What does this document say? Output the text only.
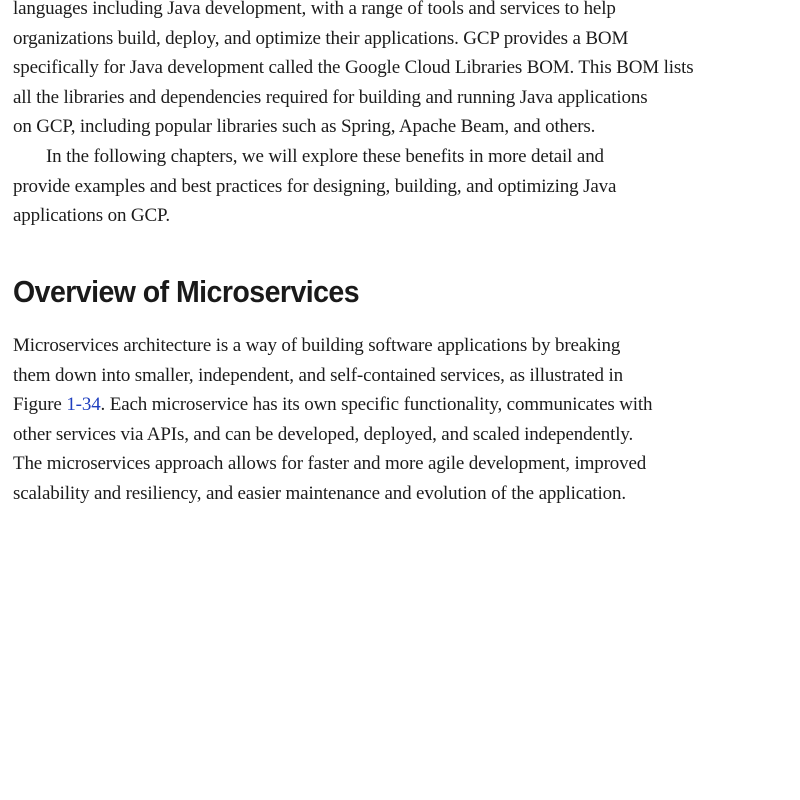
languages including Java development, with a range of tools and services to help
organizations build, deploy, and optimize their applications. GCP provides a BOM
specifically for Java development called the Google Cloud Libraries BOM. This BOM lists
all the libraries and dependencies required for building and running Java applications
on GCP, including popular libraries such as Spring, Apache Beam, and others.
In the following chapters, we will explore these benefits in more detail and
provide examples and best practices for designing, building, and optimizing Java
applications on GCP.

Overview of Microservices

Microservices architecture is a way of building software applications by breaking
them down into smaller, independent, and self-contained services, as illustrated in
Figure 1-34. Each microservice has its own specific functionality, communicates with
other services via APIs, and can be developed, deployed, and scaled independently.
The microservices approach allows for faster and more agile development, improved
scalability and resiliency, and easier maintenance and evolution of the application.
